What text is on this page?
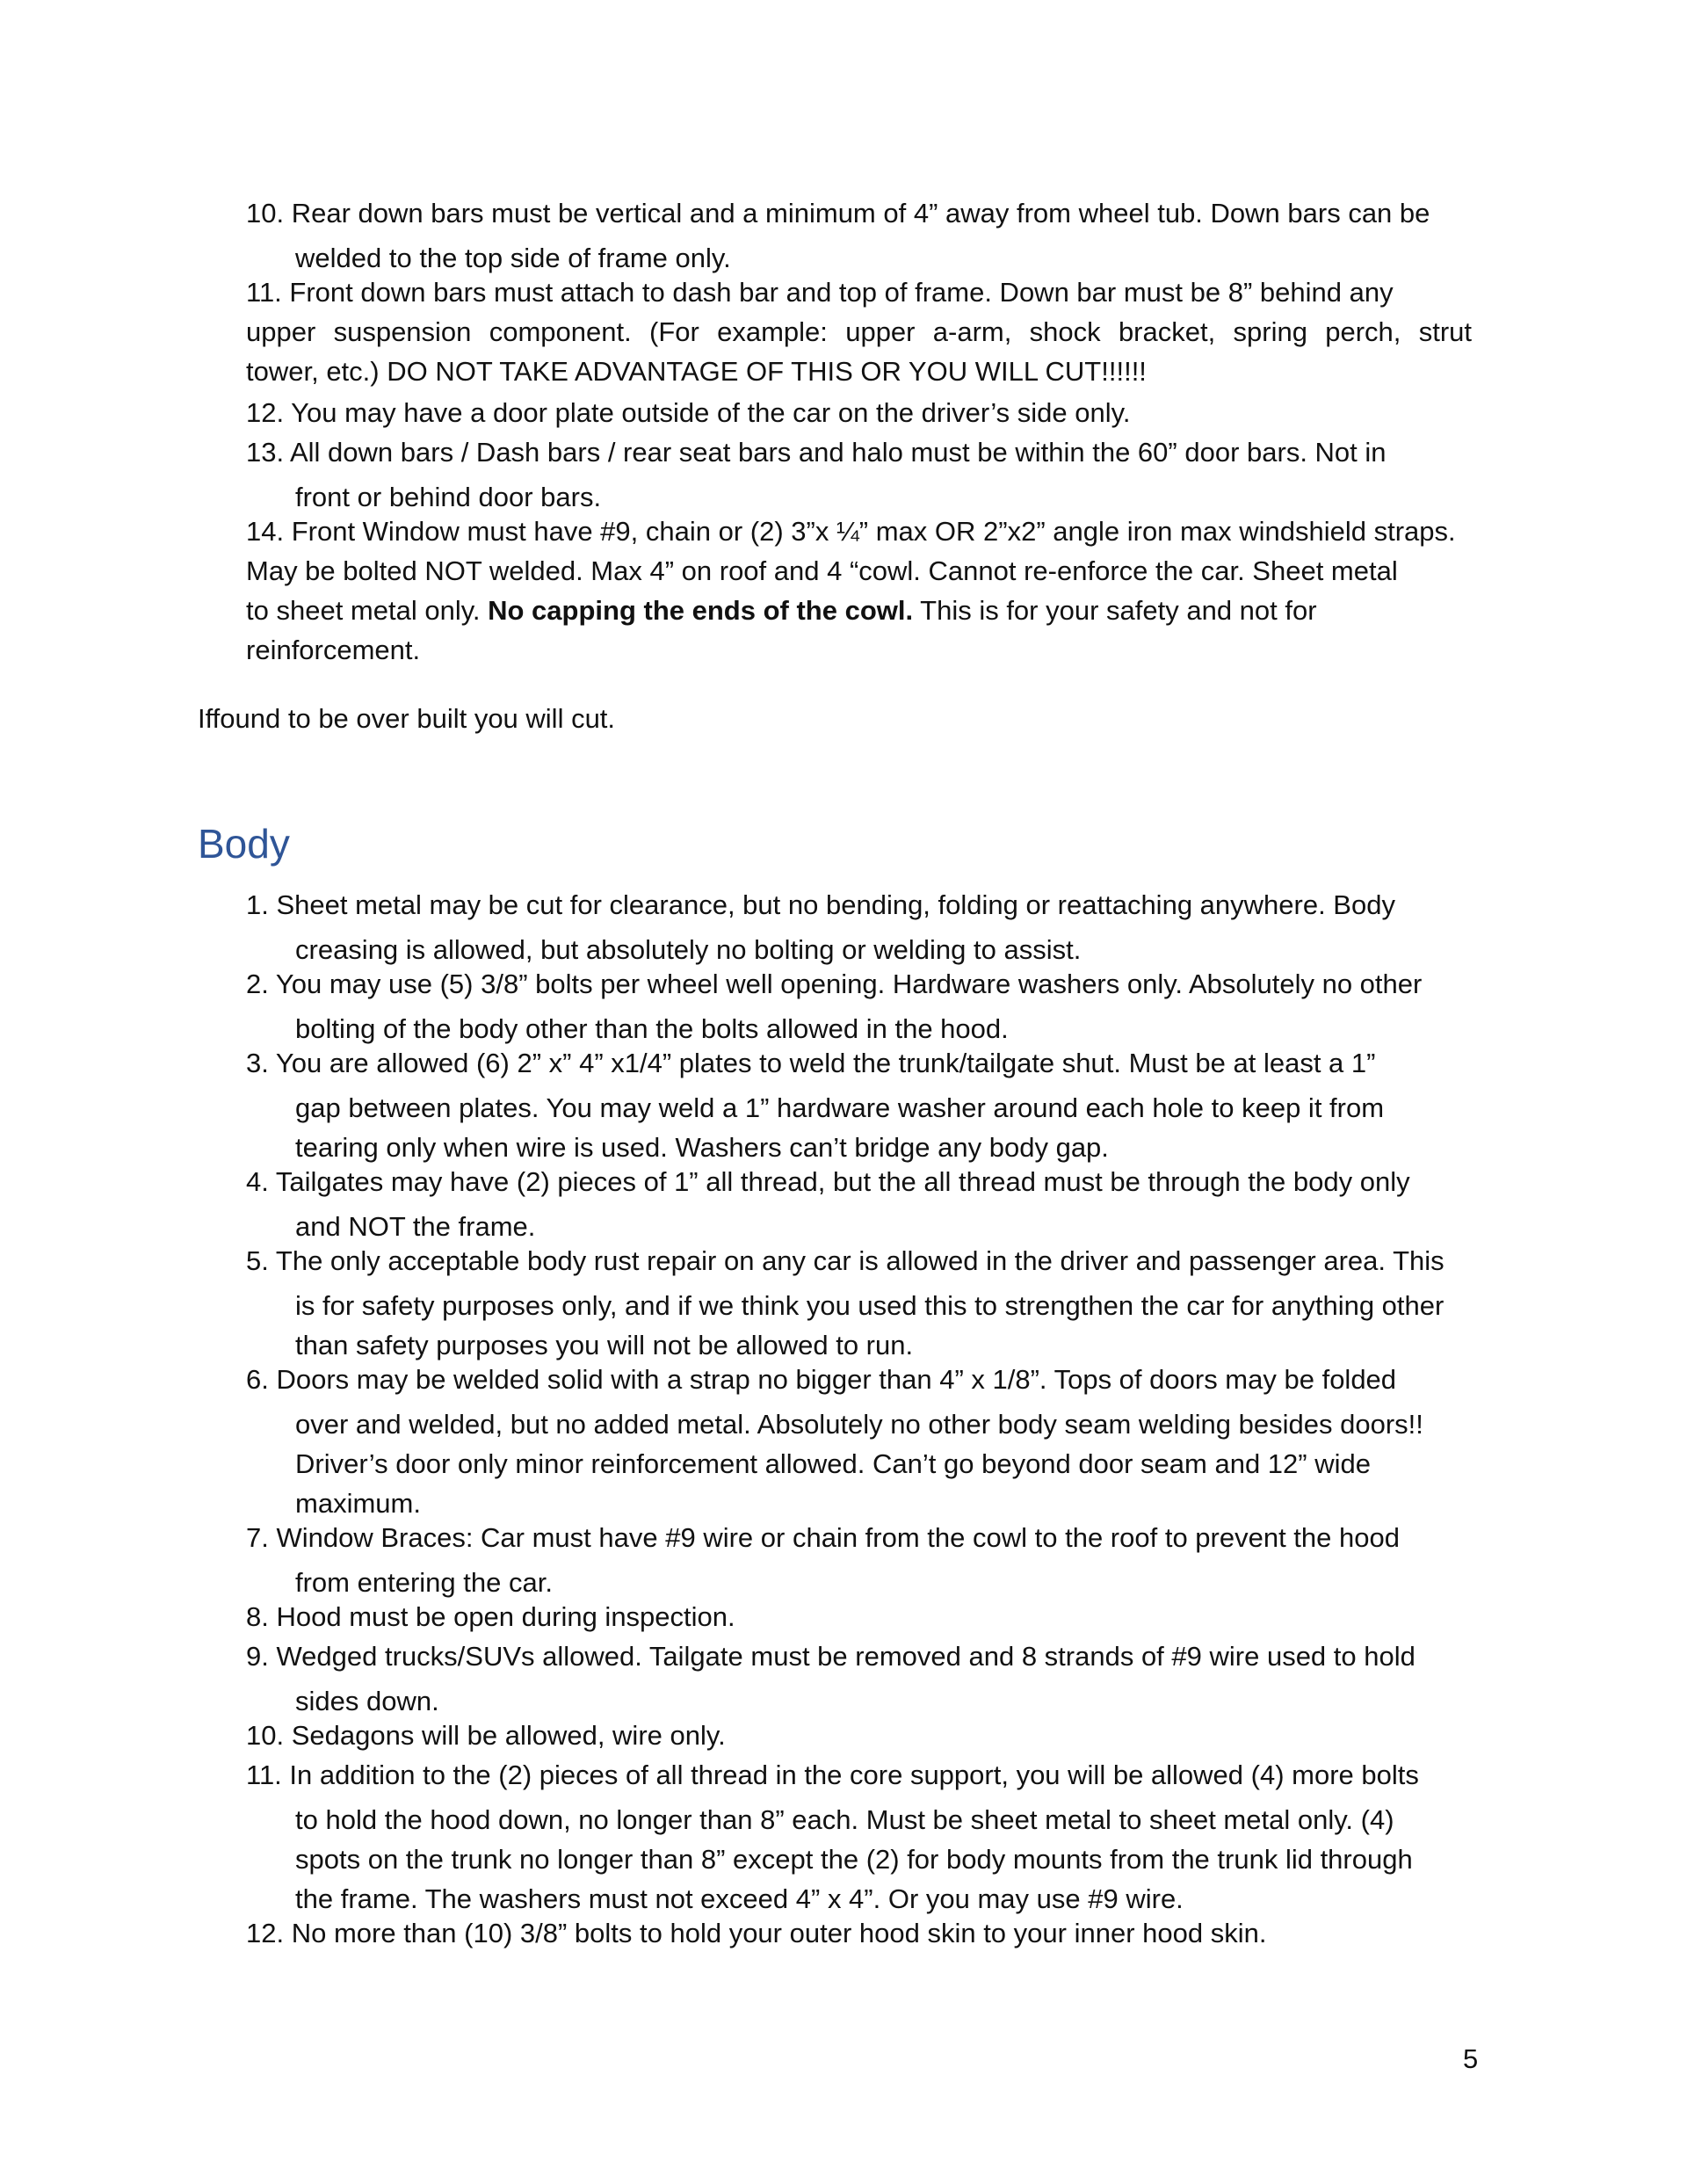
10. Rear down bars must be vertical and a minimum of 4” away from wheel tub. Down bars can be
welded to the top side of frame only.
11. Front down bars must attach to dash bar and top of frame. Down bar must be 8” behind any
upper suspension component. (For example: upper a-arm, shock bracket, spring perch, strut
tower, etc.) DO NOT TAKE ADVANTAGE OF THIS OR YOU WILL CUT!!!!!!
12. You may have a door plate outside of the car on the driver’s side only.
13. All down bars / Dash bars / rear seat bars and halo must be within the 60” door bars. Not in
front or behind door bars.
14. Front Window must have #9, chain or (2) 3”x ¼” max OR 2”x2” angle iron max windshield straps.
May be bolted NOT welded. Max 4” on roof and 4 “cowl. Cannot re-enforce the car. Sheet metal
to sheet metal only. No capping the ends of the cowl. This is for your safety and not for
reinforcement.
Iffound to be over built you will cut.
Body
1. Sheet metal may be cut for clearance, but no bending, folding or reattaching anywhere. Body
creasing is allowed, but absolutely no bolting or welding to assist.
2. You may use (5) 3/8” bolts per wheel well opening. Hardware washers only. Absolutely no other
bolting of the body other than the bolts allowed in the hood.
3. You are allowed (6) 2” x” 4” x1/4” plates to weld the trunk/tailgate shut. Must be at least a 1”
gap between plates. You may weld a 1” hardware washer around each hole to keep it from
tearing only when wire is used. Washers can’t bridge any body gap.
4. Tailgates may have (2) pieces of 1” all thread, but the all thread must be through the body only
and NOT the frame.
5. The only acceptable body rust repair on any car is allowed in the driver and passenger area. This
is for safety purposes only, and if we think you used this to strengthen the car for anything other
than safety purposes you will not be allowed to run.
6. Doors may be welded solid with a strap no bigger than 4” x 1/8”. Tops of doors may be folded
over and welded, but no added metal. Absolutely no other body seam welding besides doors!!
Driver’s door only minor reinforcement allowed. Can’t go beyond door seam and 12” wide
maximum.
7. Window Braces: Car must have #9 wire or chain from the cowl to the roof to prevent the hood
from entering the car.
8. Hood must be open during inspection.
9. Wedged trucks/SUVs allowed. Tailgate must be removed and 8 strands of #9 wire used to hold
sides down.
10. Sedagons will be allowed, wire only.
11. In addition to the (2) pieces of all thread in the core support, you will be allowed (4) more bolts
to hold the hood down, no longer than 8” each. Must be sheet metal to sheet metal only. (4)
spots on the trunk no longer than 8” except the (2) for body mounts from the trunk lid through
the frame. The washers must not exceed 4” x 4”. Or you may use #9 wire.
12. No more than (10) 3/8” bolts to hold your outer hood skin to your inner hood skin.
5
